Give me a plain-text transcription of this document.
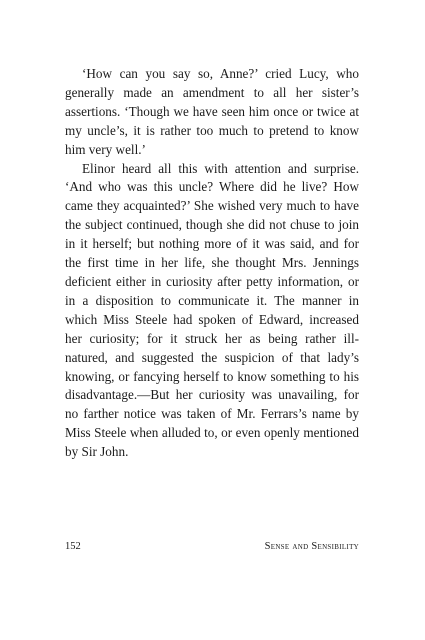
‘How can you say so, Anne?’ cried Lucy, who generally made an amendment to all her sister’s assertions. ‘Though we have seen him once or twice at my uncle’s, it is rather too much to pretend to know him very well.’

Elinor heard all this with attention and surprise. ‘And who was this uncle? Where did he live? How came they acquainted?’ She wished very much to have the subject continued, though she did not chuse to join in it herself; but nothing more of it was said, and for the first time in her life, she thought Mrs. Jennings deficient either in curiosity after petty information, or in a disposition to communicate it. The manner in which Miss Steele had spoken of Edward, increased her curiosity; for it struck her as being rather ill-natured, and suggested the suspicion of that lady’s knowing, or fancying herself to know something to his disadvantage.—But her curiosity was unavailing, for no farther notice was taken of Mr. Ferrars’s name by Miss Steele when alluded to, or even openly mentioned by Sir John.

152	Sense and Sensibility
